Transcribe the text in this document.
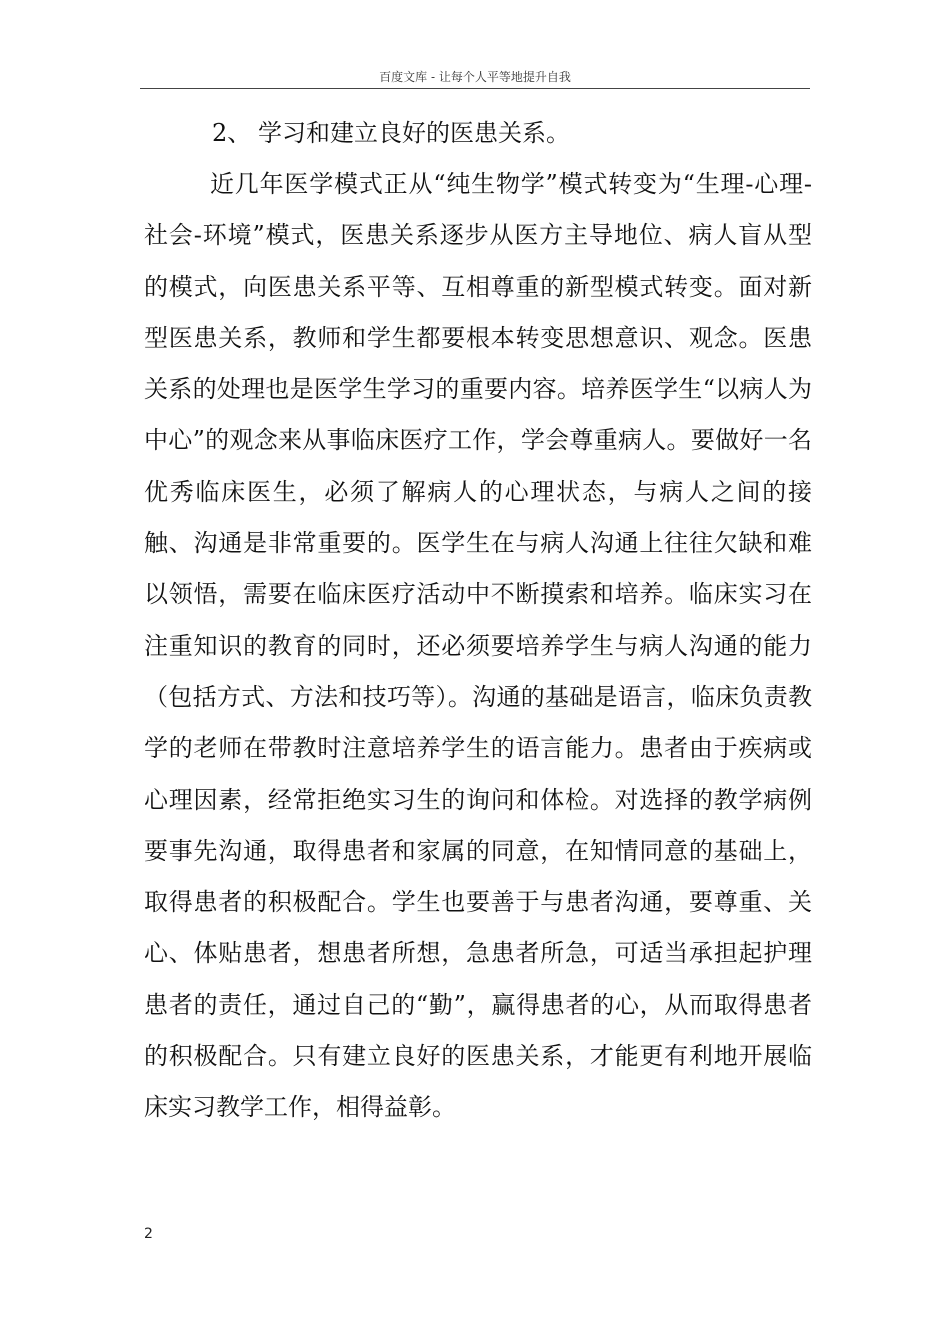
百度文库 - 让每个人平等地提升自我
2、 学习和建立良好的医患关系。

近几年医学模式正从“纯生物学”模式转变为“生理-心理-社会-环境”模式，医患关系逐步从医方主导地位、病人盲从型的模式，向医患关系平等、互相尊重的新型模式转变。面对新型医患关系，教师和学生都要根本转变思想意识、观念。医患关系的处理也是医学生学习的重要内容。培养医学生“以病人为中心”的观念来从事临床医疗工作，学会尊重病人。要做好一名优秀临床医生，必须了解病人的心理状态，与病人之间的接触、沟通是非常重要的。医学生在与病人沟通上往往欠缺和难以领悟，需要在临床医疗活动中不断摸索和培养。临床实习在注重知识的教育的同时，还必须要培养学生与病人沟通的能力（包括方式、方法和技巧等）。沟通的基础是语言，临床负责教学的老师在带教时注意培养学生的语言能力。患者由于疾病或心理因素，经常拒绝实习生的询问和体检。对选择的教学病例要事先沟通，取得患者和家属的同意，在知情同意的基础上，取得患者的积极配合。学生也要善于与患者沟通，要尊重、关心、体贴患者，想患者所想，急患者所急，可适当承担起护理患者的责任，通过自己的“勤”，赢得患者的心，从而取得患者的积极配合。只有建立良好的医患关系，才能更有利地开展临床实习教学工作，相得益彰。

2
